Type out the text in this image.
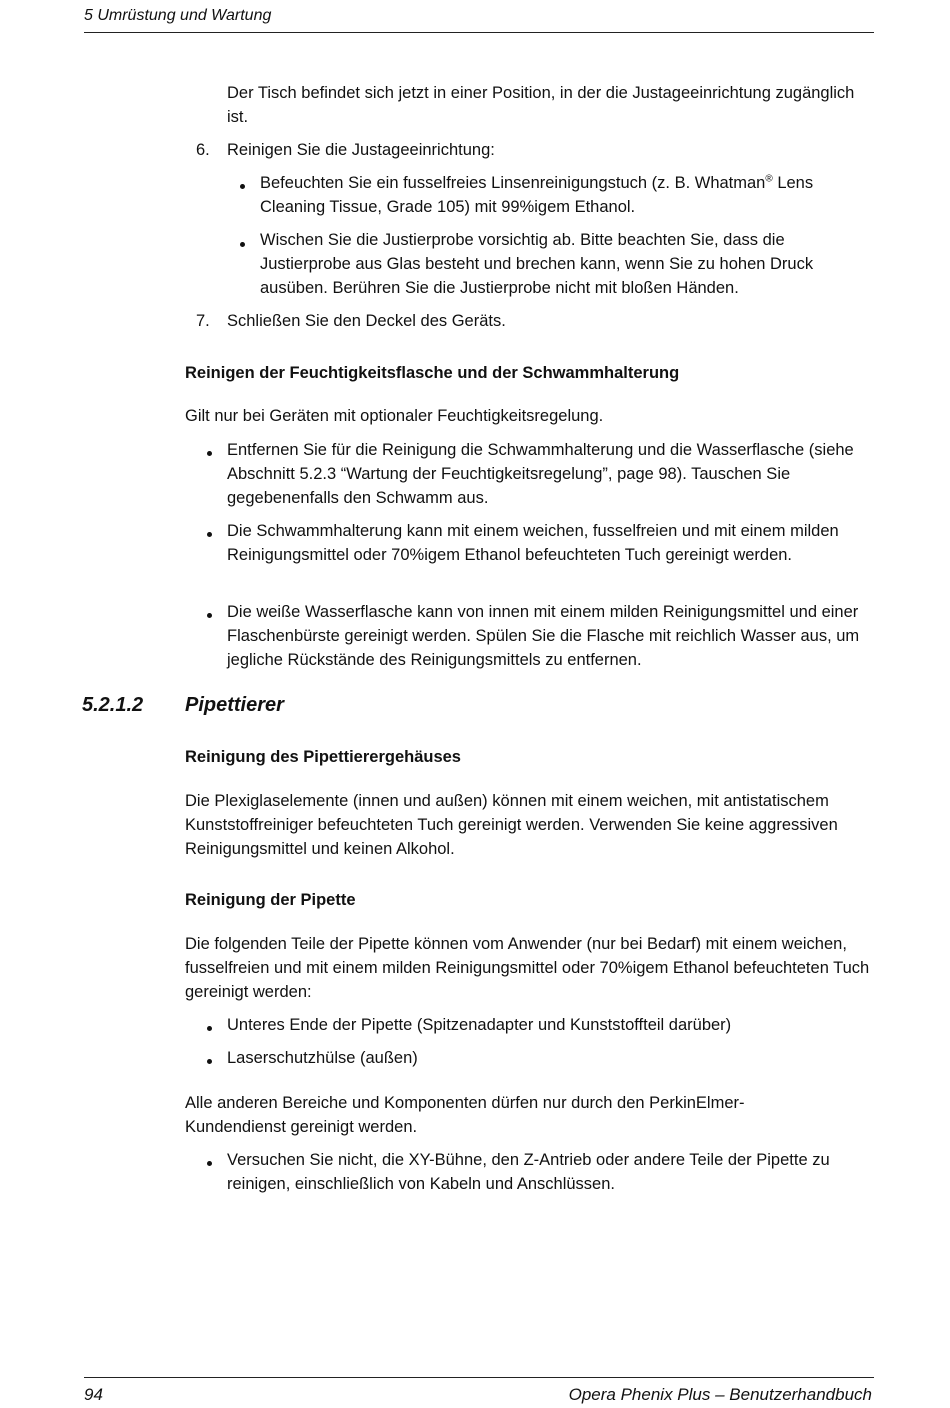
5 Umrüstung und Wartung

Der Tisch befindet sich jetzt in einer Position, in der die Justageeinrichtung zugänglich ist.

6.	Reinigen Sie die Justageeinrichtung:

Befeuchten Sie ein fusselfreies Linsenreinigungstuch (z. B. Whatman® Lens Cleaning Tissue, Grade 105) mit 99%igem Ethanol.

Wischen Sie die Justierprobe vorsichtig ab. Bitte beachten Sie, dass die Justierprobe aus Glas besteht und brechen kann, wenn Sie zu hohen Druck ausüben. Berühren Sie die Justierprobe nicht mit bloßen Händen.

7.	Schließen Sie den Deckel des Geräts.

Reinigen der Feuchtigkeitsflasche und der Schwammhalterung

Gilt nur bei Geräten mit optionaler Feuchtigkeitsregelung.

Entfernen Sie für die Reinigung die Schwammhalterung und die Wasserflasche (siehe Abschnitt 5.2.3 “Wartung der Feuchtigkeitsregelung”, page 98). Tauschen Sie gegebenenfalls den Schwamm aus.

Die Schwammhalterung kann mit einem weichen, fusselfreien und mit einem milden Reinigungsmittel oder 70%igem Ethanol befeuchteten Tuch gereinigt werden.

Die weiße Wasserflasche kann von innen mit einem milden Reinigungsmittel und einer Flaschenbürste gereinigt werden. Spülen Sie die Flasche mit reichlich Wasser aus, um jegliche Rückstände des Reinigungsmittels zu entfernen.

5.2.1.2 Pipettierer

Reinigung des Pipettierergehäuses

Die Plexiglaselemente (innen und außen) können mit einem weichen, mit antistatischem Kunststoffreiniger befeuchteten Tuch gereinigt werden. Verwenden Sie keine aggressiven Reinigungsmittel und keinen Alkohol.

Reinigung der Pipette

Die folgenden Teile der Pipette können vom Anwender (nur bei Bedarf) mit einem weichen, fusselfreien und mit einem milden Reinigungsmittel oder 70%igem Ethanol befeuchteten Tuch gereinigt werden:

Unteres Ende der Pipette (Spitzenadapter und Kunststoffteil darüber)

Laserschutzhülse (außen)

Alle anderen Bereiche und Komponenten dürfen nur durch den PerkinElmer-Kundendienst gereinigt werden.

Versuchen Sie nicht, die XY-Bühne, den Z-Antrieb oder andere Teile der Pipette zu reinigen, einschließlich von Kabeln und Anschlüssen.

94	Opera Phenix Plus – Benutzerhandbuch
